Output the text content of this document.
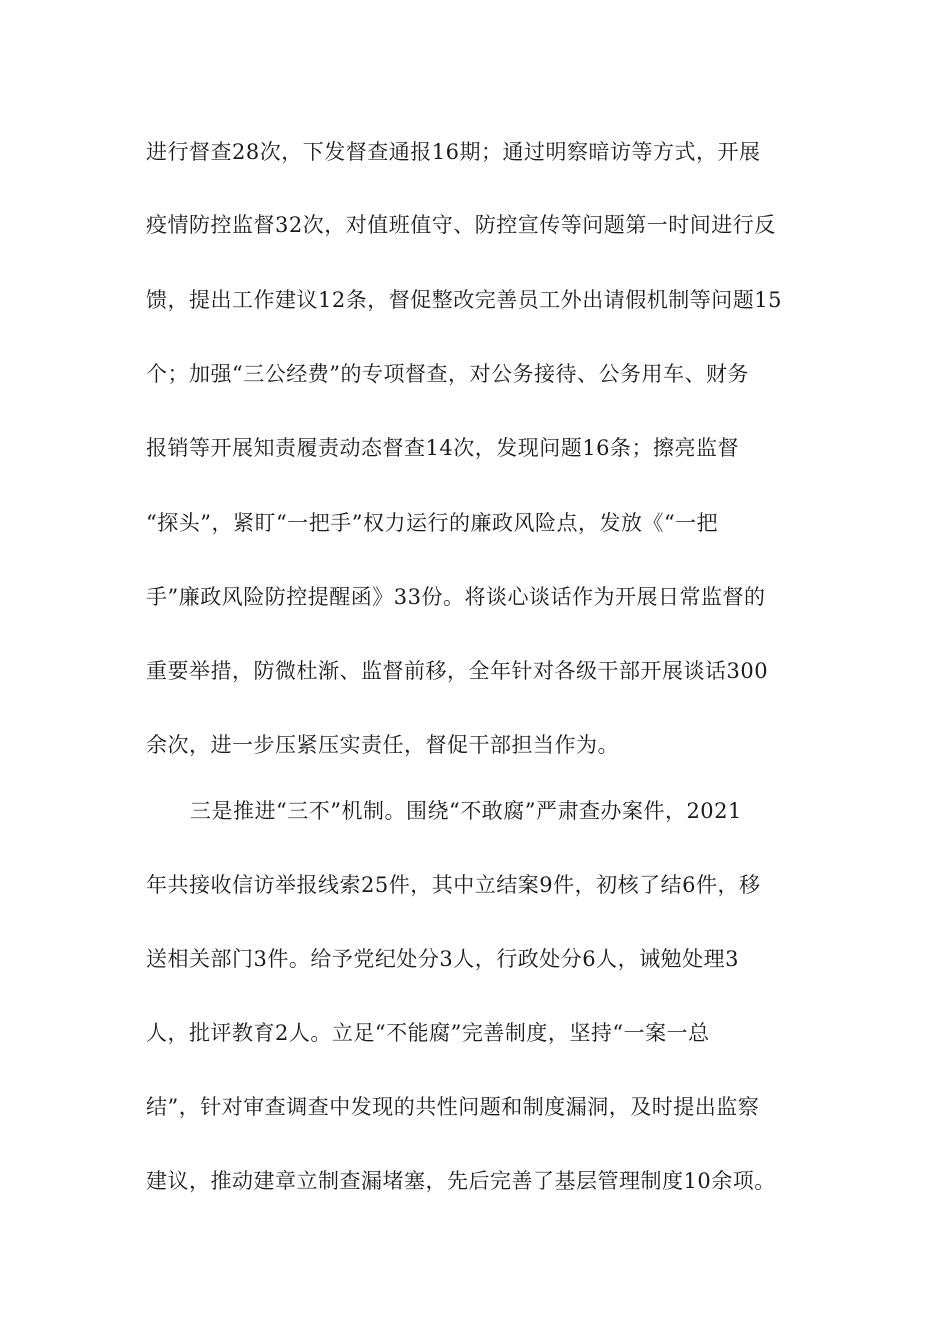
进行督查28次，下发督查通报16期；通过明察暗访等方式，开展
疫情防控监督32次，对值班值守、防控宣传等问题第一时间进行反
馈，提出工作建议12条，督促整改完善员工外出请假机制等问题15
个；加强“三公经费”的专项督查，对公务接待、公务用车、财务
报销等开展知责履责动态督查14次，发现问题16条；擦亮监督
“探头”，紧盯“一把手”权力运行的廉政风险点，发放《“一把
手”廉政风险防控提醒函》33份。将谈心谈话作为开展日常监督的
重要举措，防微杜渐、监督前移，全年针对各级干部开展谈话300
余次，进一步压紧压实责任，督促干部担当作为。
三是推进“三不”机制。围绕“不敢腐”严肃查办案件，2021
年共接收信访举报线索25件，其中立结案9件，初核了结6件，移
送相关部门3件。给予党纪处分3人，行政处分6人，诫勉处理3
人，批评教育2人。立足“不能腐”完善制度，坚持“一案一总
结”，针对审查调查中发现的共性问题和制度漏洞，及时提出监察
建议，推动建章立制查漏堵塞，先后完善了基层管理制度10余项。
